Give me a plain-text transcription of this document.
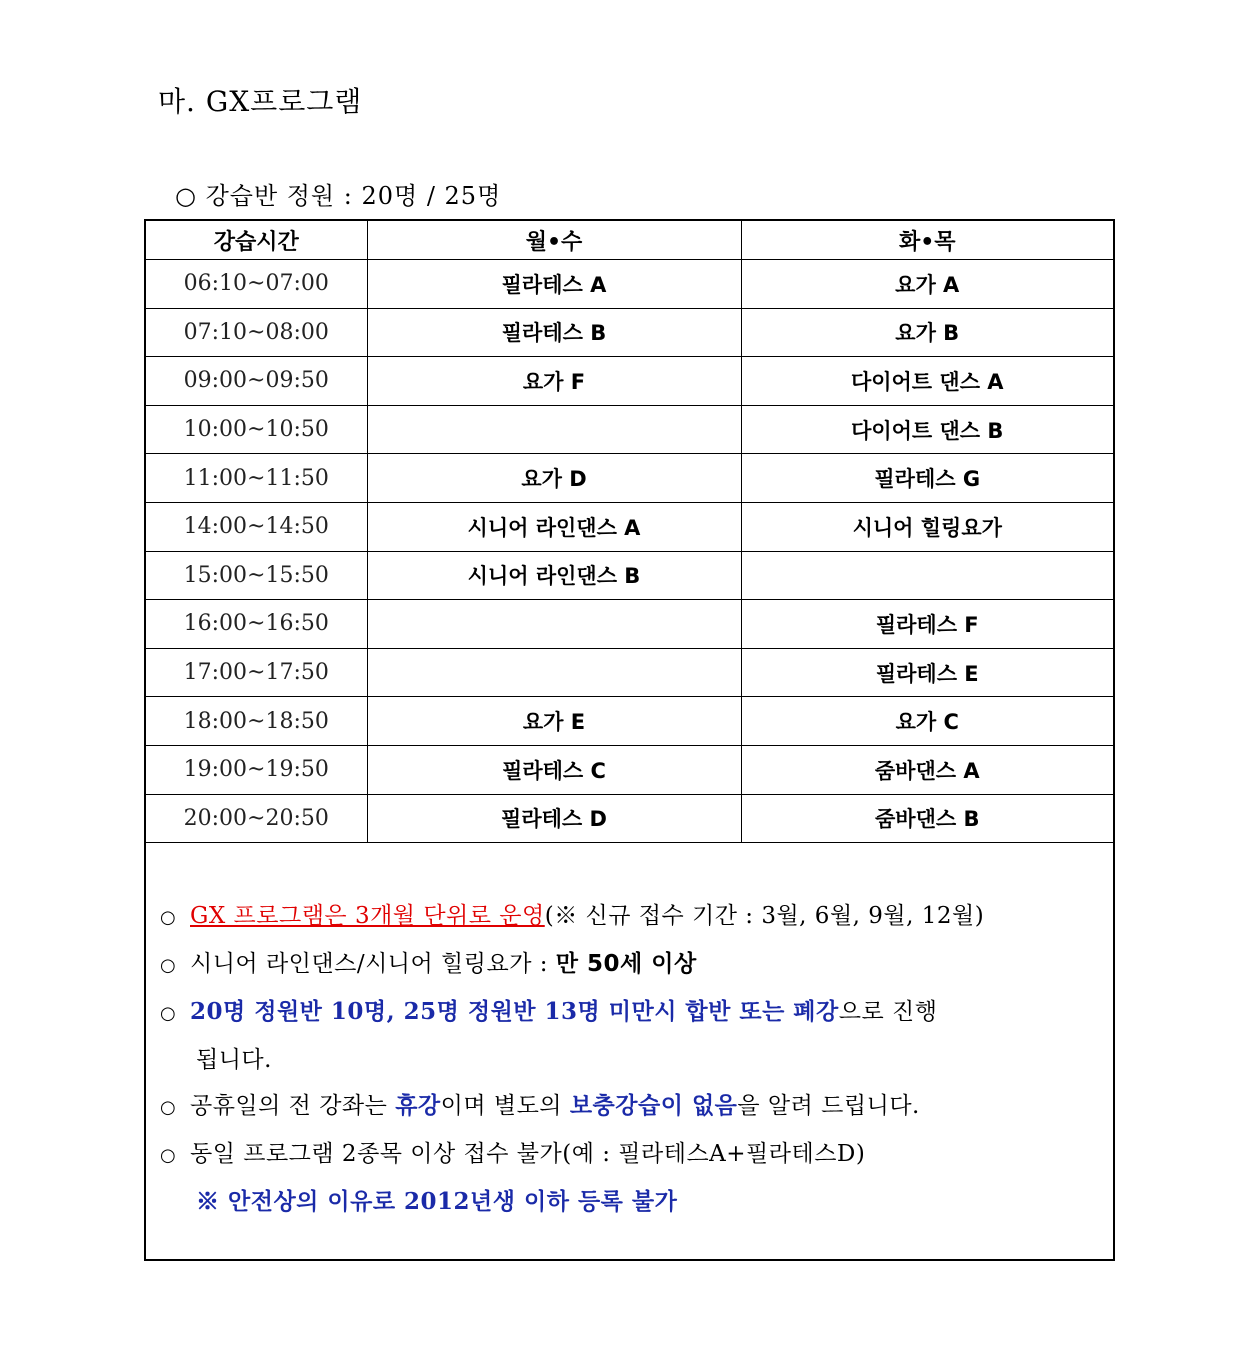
마. GX프로그램
○ 강습반 정원 : 20명 / 25명
강습시간	월•수	화•목
06:10~07:00	필라테스 A	요가 A
07:10~08:00	필라테스 B	요가 B
09:00~09:50	요가 F	다이어트 댄스 A
10:00~10:50		다이어트 댄스 B
11:00~11:50	요가 D	필라테스 G
14:00~14:50	시니어 라인댄스 A	시니어 힐링요가
15:00~15:50	시니어 라인댄스 B	
16:00~16:50		필라테스 F
17:00~17:50		필라테스 E
18:00~18:50	요가 E	요가 C
19:00~19:50	필라테스 C	줌바댄스 A
20:00~20:50	필라테스 D	줌바댄스 B
○ GX 프로그램은 3개월 단위로 운영(※ 신규 접수 기간 : 3월, 6월, 9월, 12월)
○ 시니어 라인댄스/시니어 힐링요가 : 만 50세 이상
○ 20명 정원반 10명, 25명 정원반 13명 미만시 합반 또는 폐강으로 진행
됩니다.
○ 공휴일의 전 강좌는 휴강이며 별도의 보충강습이 없음을 알려 드립니다.
○ 동일 프로그램 2종목 이상 접수 불가(예 : 필라테스A+필라테스D)
※ 안전상의 이유로 2012년생 이하 등록 불가
